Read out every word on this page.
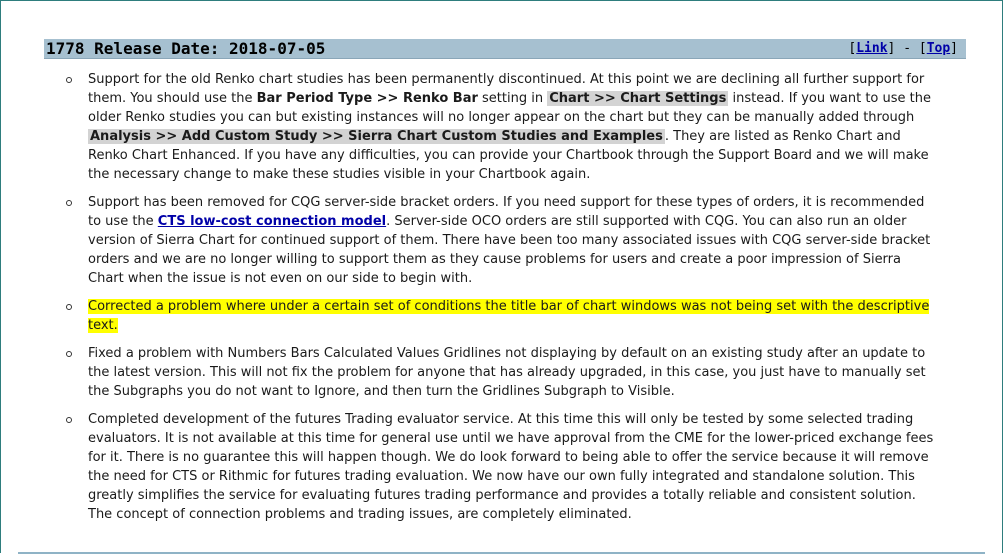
1778 Release Date: 2018-07-05	[Link] - [Top]
Support for the old Renko chart studies has been permanently discontinued. At this point we are declining all further support for them. You should use the Bar Period Type >> Renko Bar setting in Chart >> Chart Settings instead. If you want to use the older Renko studies you can but existing instances will no longer appear on the chart but they can be manually added through Analysis >> Add Custom Study >> Sierra Chart Custom Studies and Examples . They are listed as Renko Chart and Renko Chart Enhanced. If you have any difficulties, you can provide your Chartbook through the Support Board and we will make the necessary change to make these studies visible in your Chartbook again.
Support has been removed for CQG server-side bracket orders. If you need support for these types of orders, it is recommended to use the CTS low-cost connection model. Server-side OCO orders are still supported with CQG. You can also run an older version of Sierra Chart for continued support of them. There have been too many associated issues with CQG server-side bracket orders and we are no longer willing to support them as they cause problems for users and create a poor impression of Sierra Chart when the issue is not even on our side to begin with.
Corrected a problem where under a certain set of conditions the title bar of chart windows was not being set with the descriptive text.
Fixed a problem with Numbers Bars Calculated Values Gridlines not displaying by default on an existing study after an update to the latest version. This will not fix the problem for anyone that has already upgraded, in this case, you just have to manually set the Subgraphs you do not want to Ignore, and then turn the Gridlines Subgraph to Visible.
Completed development of the futures Trading evaluator service. At this time this will only be tested by some selected trading evaluators. It is not available at this time for general use until we have approval from the CME for the lower-priced exchange fees for it. There is no guarantee this will happen though. We do look forward to being able to offer the service because it will remove the need for CTS or Rithmic for futures trading evaluation. We now have our own fully integrated and standalone solution. This greatly simplifies the service for evaluating futures trading performance and provides a totally reliable and consistent solution. The concept of connection problems and trading issues, are completely eliminated.
